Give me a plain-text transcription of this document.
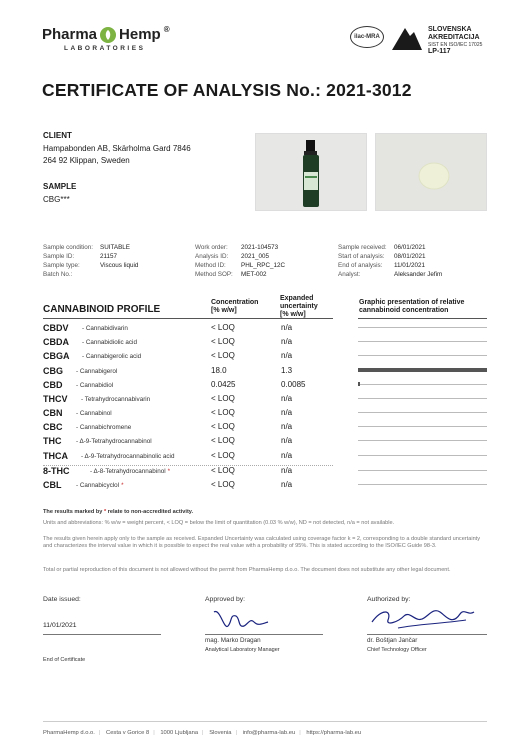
Pharma Hemp ®
LABORATORIES
ilac-MRA
SLOVENSKA
AKREDITACIJA
SIST EN ISO/IEC 17025
LP-117
CERTIFICATE OF ANALYSIS No.: 2021-3012
CLIENT
Hampabonden AB, Skärholma Gard 7846
264 92 Klippan, Sweden
SAMPLE
CBG***
Sample condition:	SUITABLE
Sample ID:	21157
Sample type:	Viscous liquid
Batch No.:
Work order:	2021-104573
Analysis ID:	2021_005
Method ID:	PHL_RPC_12C
Method SOP:	MET-002
Sample received:	06/01/2021
Start of analysis:	08/01/2021
End of analysis:	11/01/2021
Analyst:	Aleksander Jefim
CANNABINOID PROFILE
Concentration
[% w/w]
Expanded
uncertainty
[% w/w]
Graphic presentation of relative
cannabinoid concentration
CBDV - Cannabidivarin	< LOQ	n/a
CBDA - Cannabidiolic acid	< LOQ	n/a
CBGA - Cannabigerolic acid	< LOQ	n/a
CBG - Cannabigerol	18.0	1.3
CBD - Cannabidiol	0.0425	0.0085
THCV - Tetrahydrocannabivarin	< LOQ	n/a
CBN - Cannabinol	< LOQ	n/a
CBC - Cannabichromene	< LOQ	n/a
THC - Δ-9-Tetrahydrocannabinol	< LOQ	n/a
THCA - Δ-9-Tetrahydrocannabinolic acid	< LOQ	n/a
8-THC	- Δ-8-Tetrahydrocannabinol *	< LOQ	n/a
CBL - Cannabicyclol *	< LOQ	n/a
The results marked by * relate to non-accredited activity.
Units and abbreviations: % w/w = weight percent, < LOQ = below the limit of quantitation (0.03 % w/w), ND = not detected, n/a = not available.
The results given herein apply only to the sample as received. Expanded Uncertainty was calculated using coverage factor k = 2, corresponding to a double standard uncertainty and characterizes the interval value in which it is possible to expect the real value with a probability of 95%. This is stated according to the ISO/IEC Guide 98-3.
Total or partial reproduction of this document is not allowed without the permit from PharmaHemp d.o.o. The document does not substitute any other legal document.
Date issued:
11/01/2021
Approved by:
mag. Marko Dragan
Analytical Laboratory Manager
Authorized by:
dr. Boštjan Jančar
Chief Technology Officer
End of Certificate
PharmaHemp d.o.o. | Cesta v Gorice 8 | 1000 Ljubljana | Slovenia | info@pharma-lab.eu | https://pharma-lab.eu
